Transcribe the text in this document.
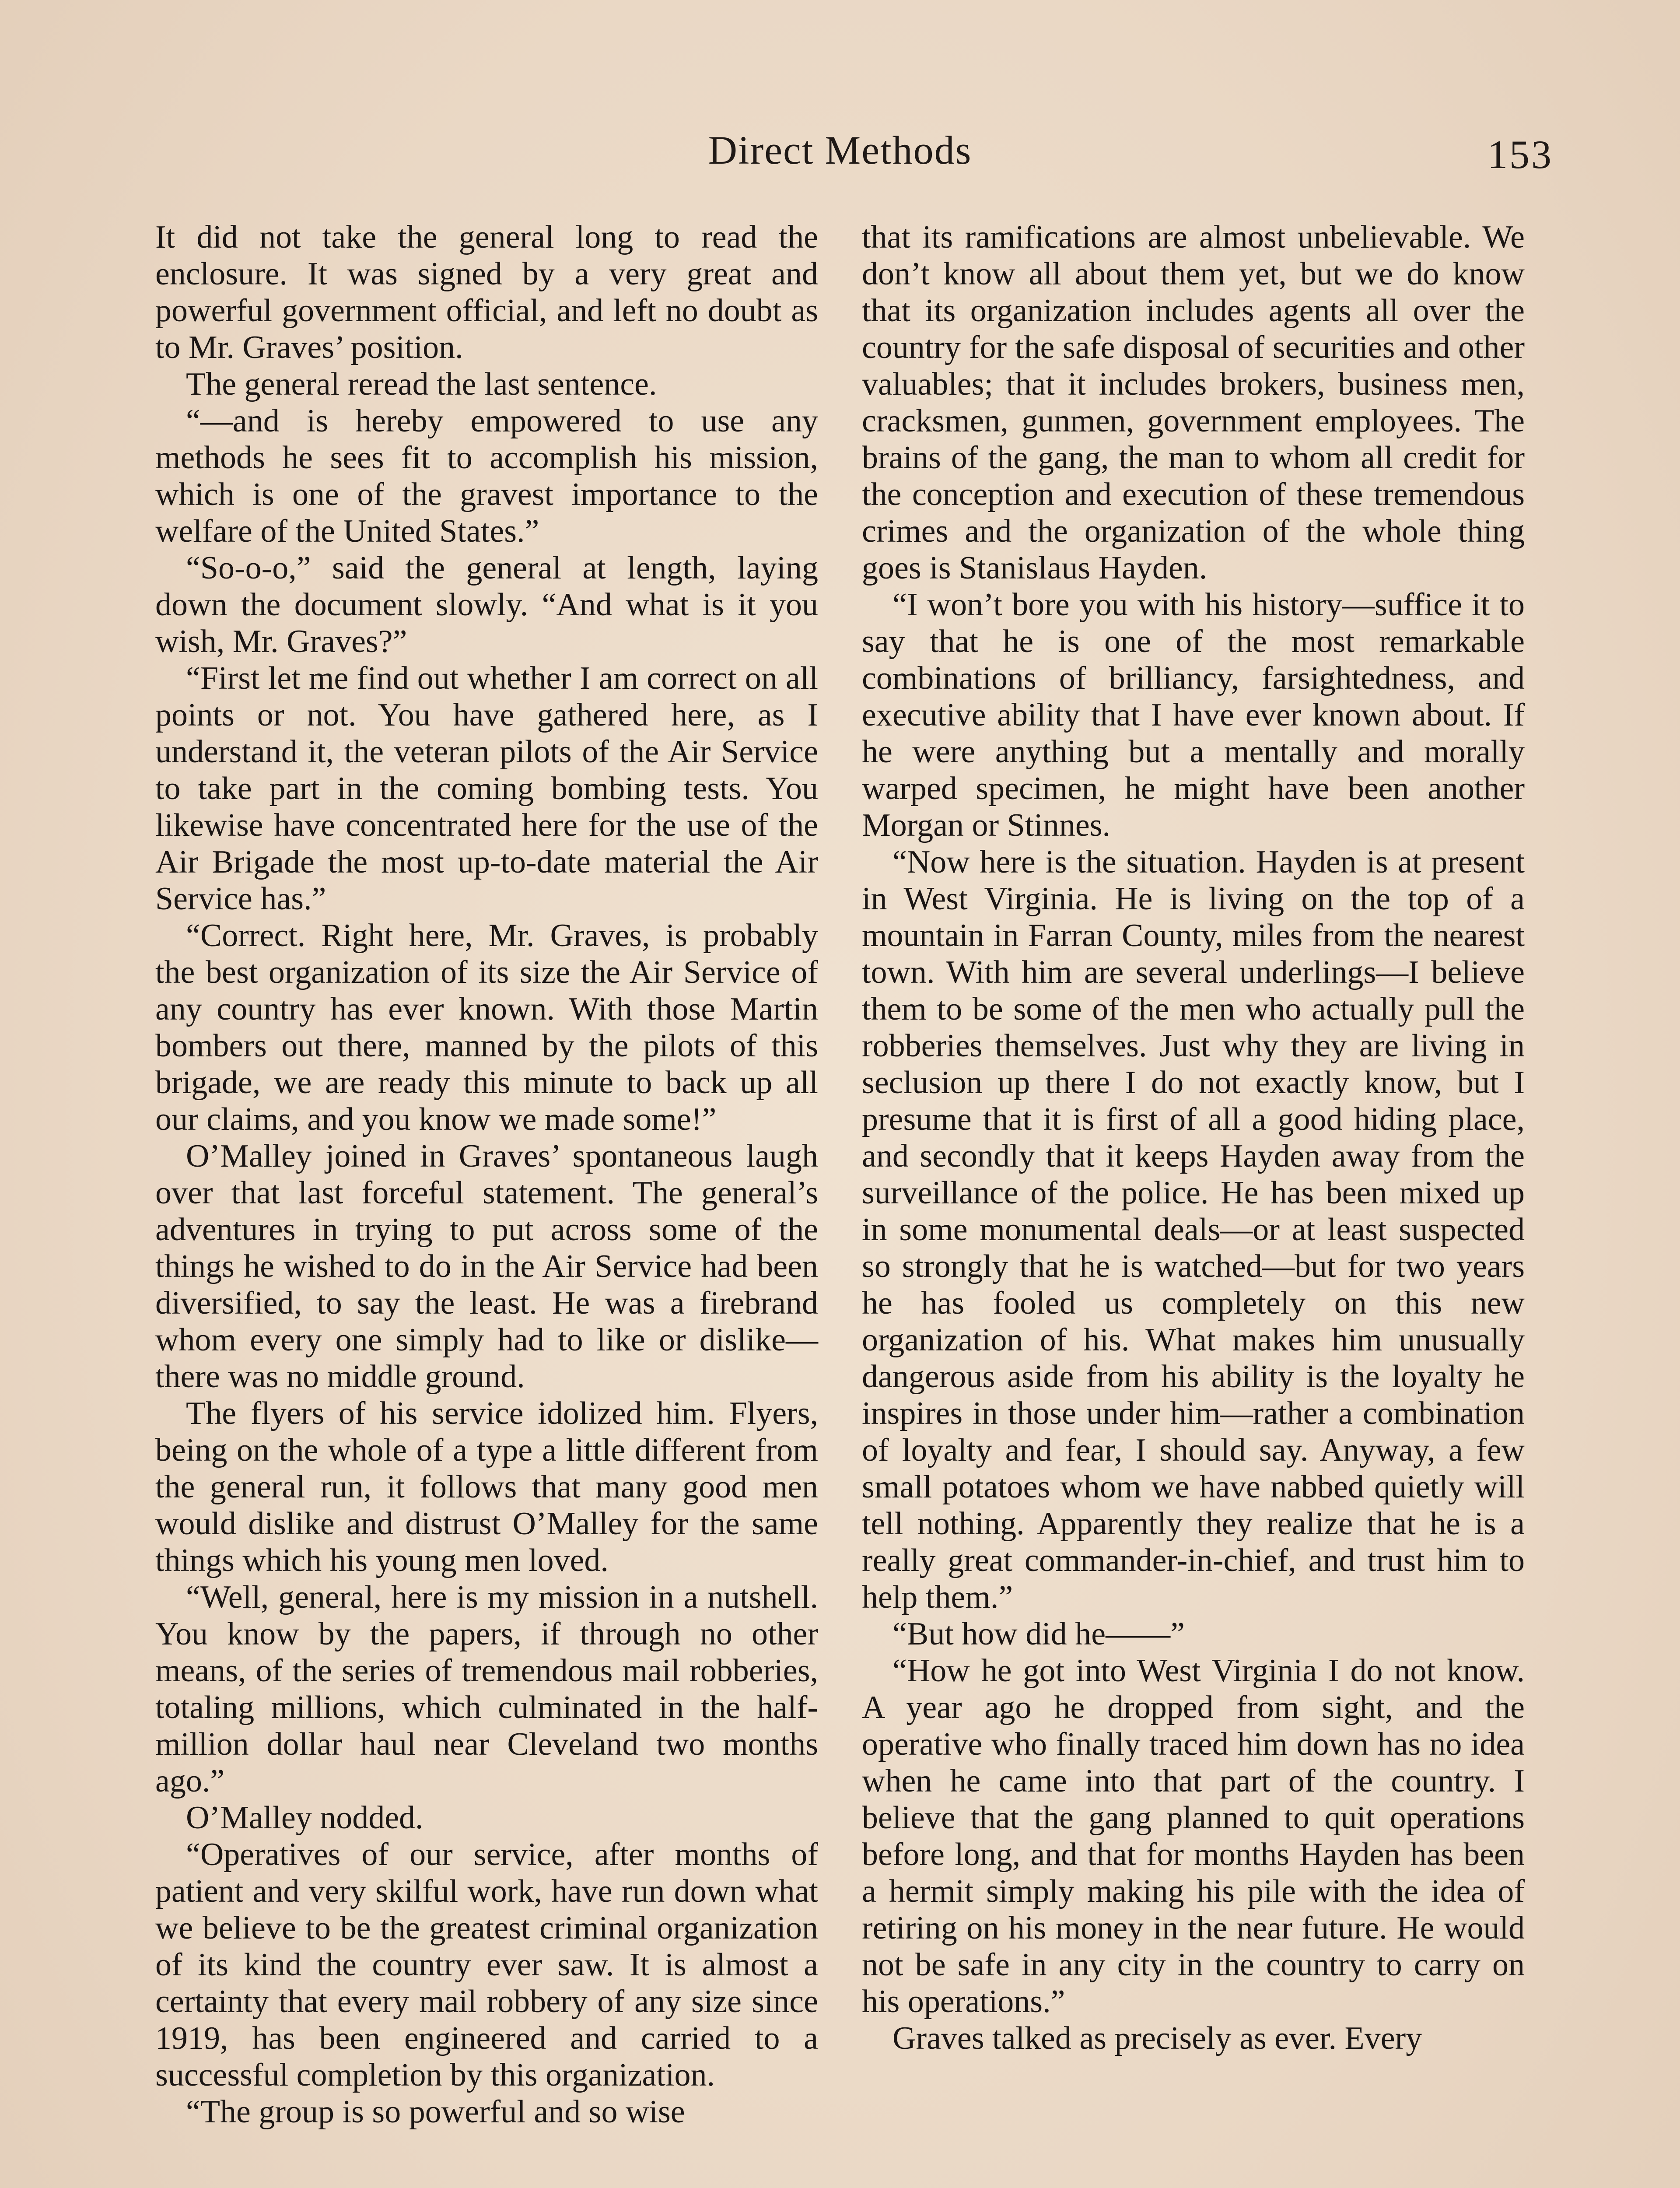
Direct Methods	153

It did not take the general long to read the enclosure. It was signed by a very great and powerful government official, and left no doubt as to Mr. Graves’ position.

The general reread the last sentence.

“—and is hereby empowered to use any methods he sees fit to accomplish his mission, which is one of the gravest importance to the welfare of the United States.”

“So-o-o,” said the general at length, laying down the document slowly. “And what is it you wish, Mr. Graves?”

“First let me find out whether I am correct on all points or not. You have gathered here, as I understand it, the veteran pilots of the Air Service to take part in the coming bombing tests. You likewise have concentrated here for the use of the Air Brigade the most up-to-date material the Air Service has.”

“Correct. Right here, Mr. Graves, is probably the best organization of its size the Air Service of any country has ever known. With those Martin bombers out there, manned by the pilots of this brigade, we are ready this minute to back up all our claims, and you know we made some!”

O’Malley joined in Graves’ spontaneous laugh over that last forceful statement. The general’s adventures in trying to put across some of the things he wished to do in the Air Service had been diversified, to say the least. He was a firebrand whom every one simply had to like or dislike—there was no middle ground.

The flyers of his service idolized him. Flyers, being on the whole of a type a little different from the general run, it follows that many good men would dislike and distrust O’Malley for the same things which his young men loved.

“Well, general, here is my mission in a nutshell. You know by the papers, if through no other means, of the series of tremendous mail robberies, totaling millions, which culminated in the half-million dollar haul near Cleveland two months ago.”

O’Malley nodded.

“Operatives of our service, after months of patient and very skilful work, have run down what we believe to be the greatest criminal organization of its kind the country ever saw. It is almost a certainty that every mail robbery of any size since 1919, has been engineered and carried to a successful completion by this organization.

“The group is so powerful and so wise

that its ramifications are almost unbelievable. We don’t know all about them yet, but we do know that its organization includes agents all over the country for the safe disposal of securities and other valuables; that it includes brokers, business men, cracksmen, gunmen, government employees. The brains of the gang, the man to whom all credit for the conception and execution of these tremendous crimes and the organization of the whole thing goes is Stanislaus Hayden.

“I won’t bore you with his history—suffice it to say that he is one of the most remarkable combinations of brilliancy, farsightedness, and executive ability that I have ever known about. If he were anything but a mentally and morally warped specimen, he might have been another Morgan or Stinnes.

“Now here is the situation. Hayden is at present in West Virginia. He is living on the top of a mountain in Farran County, miles from the nearest town. With him are several underlings—I believe them to be some of the men who actually pull the robberies themselves. Just why they are living in seclusion up there I do not exactly know, but I presume that it is first of all a good hiding place, and secondly that it keeps Hayden away from the surveillance of the police. He has been mixed up in some monumental deals—or at least suspected so strongly that he is watched—but for two years he has fooled us completely on this new organization of his. What makes him unusually dangerous aside from his ability is the loyalty he inspires in those under him—rather a combination of loyalty and fear, I should say. Anyway, a few small potatoes whom we have nabbed quietly will tell nothing. Apparently they realize that he is a really great commander-in-chief, and trust him to help them.”

“But how did he——”

“How he got into West Virginia I do not know. A year ago he dropped from sight, and the operative who finally traced him down has no idea when he came into that part of the country. I believe that the gang planned to quit operations before long, and that for months Hayden has been a hermit simply making his pile with the idea of retiring on his money in the near future. He would not be safe in any city in the country to carry on his operations.”

Graves talked as precisely as ever. Every
